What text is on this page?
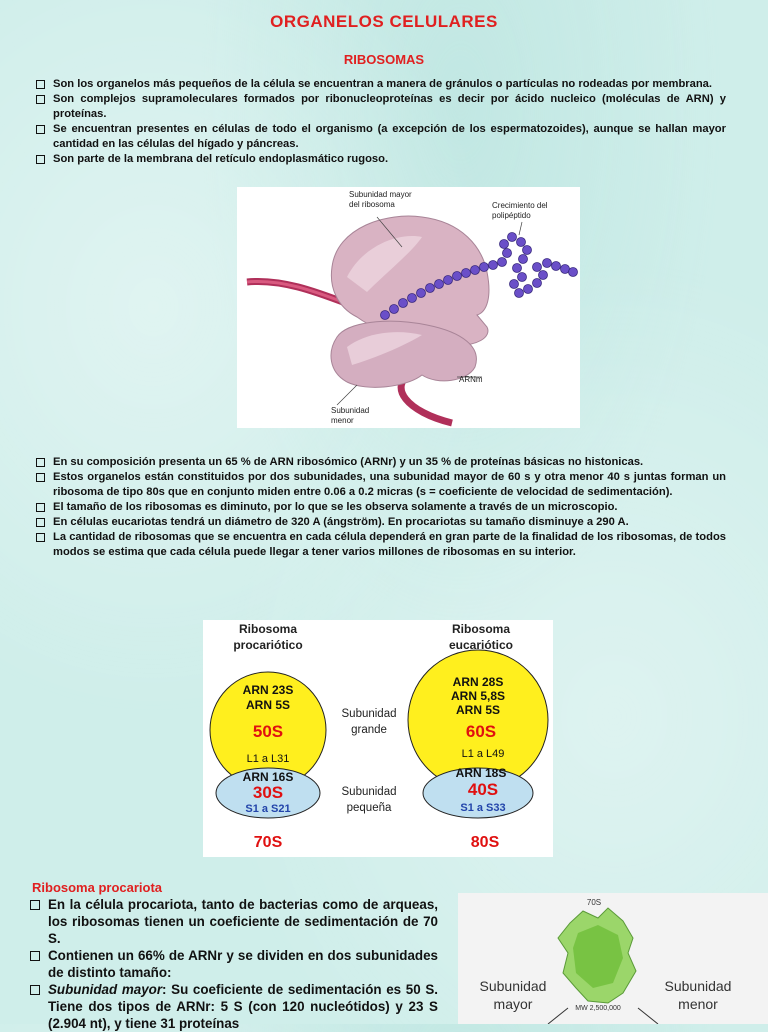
ORGANELOS CELULARES
RIBOSOMAS
Son los organelos más pequeños de la célula se encuentran a manera de gránulos o partículas no rodeadas por membrana.
Son complejos supramoleculares formados por ribonucleoproteínas es decir por ácido nucleico (moléculas de ARN) y proteínas.
Se encuentran presentes en células de todo el organismo (a excepción de los espermatozoides), aunque se hallan mayor cantidad en las células del hígado y páncreas.
Son parte de la membrana del retículo endoplasmático rugoso.
Subunidad mayor
del ribosoma	Crecimiento del
polipéptido
ARNm
Subunidad
menor
En su composición presenta un 65 % de ARN ribosómico (ARNr) y un 35 % de proteínas básicas no histonicas.
Estos organelos están constituidos por dos subunidades, una subunidad mayor de 60 s y otra menor 40 s juntas forman un ribosoma de tipo 80s que en conjunto miden entre 0.06 a 0.2 micras (s = coeficiente de velocidad de sedimentación).
El tamaño de los ribosomas es diminuto, por lo que se les observa solamente a través de un microscopio.
En células eucariotas tendrá un diámetro de 320 A (ángström). En procariotas su tamaño disminuye a 290 A.
La cantidad de ribosomas que se encuentra en cada célula dependerá en gran parte de la finalidad de los ribosomas, de todos modos se estima que cada célula puede llegar a tener varios millones de ribosomas en su interior.
Ribosoma
procariótico
Ribosoma
eucariótico
ARN 23S
ARN 5S
50S
L1 a L31
ARN 16S
30S
S1 a S21
70S
ARN 28S
ARN 5,8S
ARN 5S
60S
L1 a L49
ARN 18S
40S
S1 a S33
80S
Subunidad
grande
Subunidad
pequeña
Ribosoma procariota
En la célula procariota, tanto de bacterias como de arqueas, los ribosomas tienen un coeficiente de sedimentación de 70 S.
Contienen un 66% de ARNr y se dividen en dos subunidades de distinto tamaño:
Subunidad mayor: Su coeficiente de sedimentación es 50 S. Tiene dos tipos de ARNr: 5 S (con 120 nucleótidos) y 23 S (2.904 nt), y tiene 31 proteínas
70S
Subunidad
mayor
Subunidad
menor
MW 2,500,000
